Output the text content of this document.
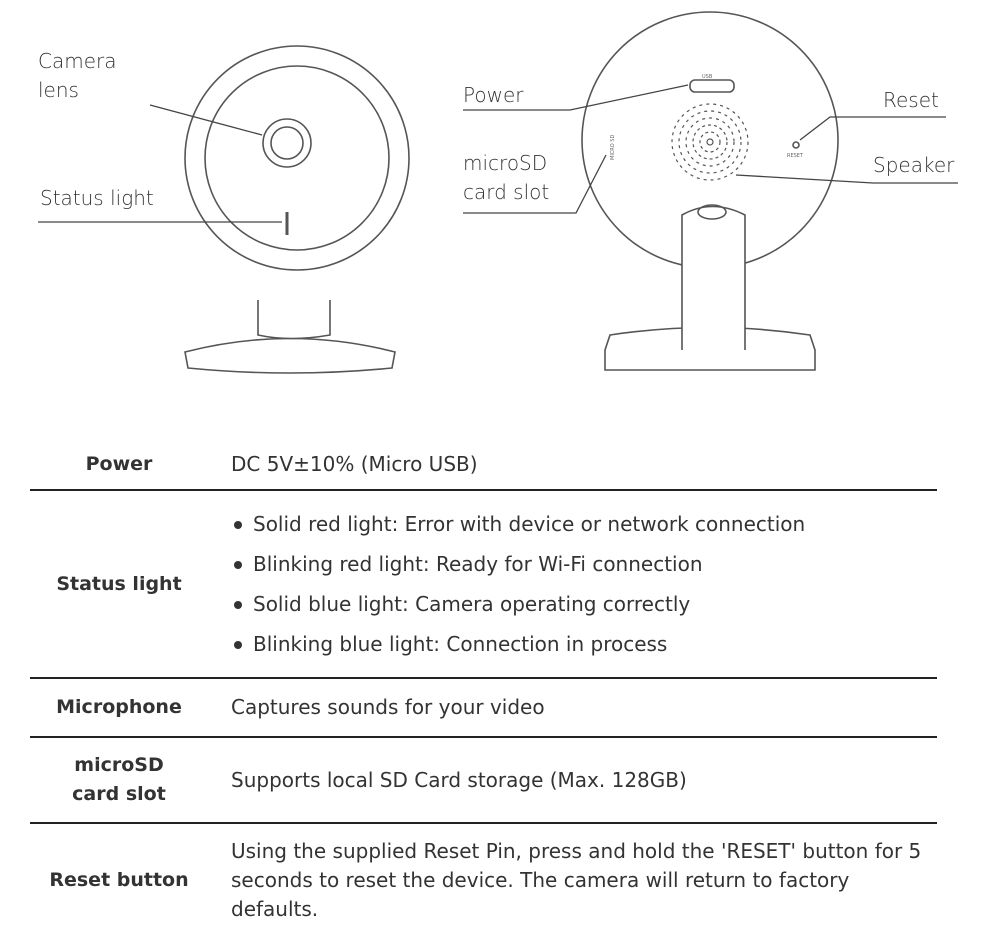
USB
RESET
MICRO SD
Camera lens
Status light
Power
microSD card slot
Reset
Speaker
Power	DC 5V±10% (Micro USB)
Status light
Solid red light: Error with device or network connection
Blinking red light: Ready for Wi-Fi connection
Solid blue light: Camera operating correctly
Blinking blue light: Connection in process
Microphone	Captures sounds for your video
microSD card slot
Supports local SD Card storage (Max. 128GB)
Reset button
Using the supplied Reset Pin, press and hold the 'RESET' button for 5 seconds to reset the device. The camera will return to factory defaults.
